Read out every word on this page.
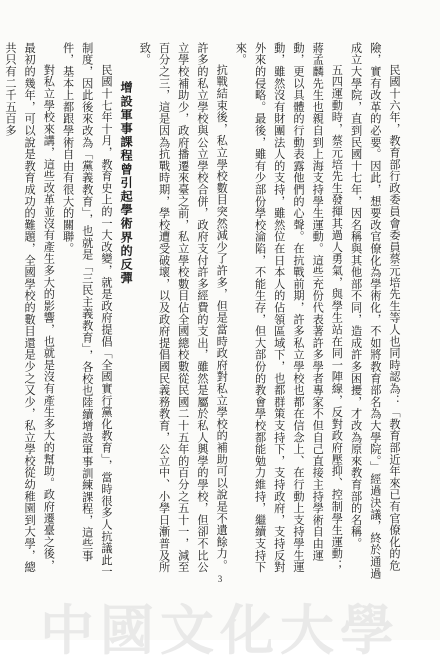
中國文化大學

民國十六年，教育部行政委員會委員蔡元培先生等人也同時認為：「教育部近年來已有官僚化的危險，實有改革的必要。因此，想要改官僚化為學術化，不如將教育部名為大學院。」經過決議，終於通過成立大學院，直到民國十七年，因名稱與其他部不同，造成許多困擾，才改為原來教育部的名稱。

五四運動時，蔡元培先生發揮其過人勇氣，與學生站在同一陣線，反對政府壓抑、控制學生運動；蔣孟麟先生也親自到上海支持學生運動。這些充份代表著許多學者專家不但自己直接主持學術自由運動，更以具體的行動表露他們的心聲。在抗戰前期，許多私立學校也都在信念上、在行動上支持學生運動，雖然沒有財團法人的支持，雖然位在日本人的佔領區域下，也都群策支持下，支持政府，支持反對外來的侵略。最後，雖有少部份學校淪陷，不能生存，但大部份的教會學校都能勉力維持，繼續支持下來。

抗戰結束後，私立學校數目突然減少了許多，但是當時政府對私立學校的補助可以說是不遺餘力。許多的私立學校與公立學校合併，政府支付許多經費的支出，雖然是屬於私人興學的學校，但卻不比公立學校補助少，政府播遷來臺之前，私立學校數目佔全國總校數從民國二十五年的百分之五十一，減至百分之三，這是因為抗戰時期，學校遭受破壞，以及政府提倡國民義務教育，公立中、小學日漸普及所致。

增設軍事課程曾引起學術界的反彈

民國十七年十月，教育史上的一大改變，就是政府提倡「全國實行黨化教育」，當時很多人抗議此一制度，因此後來改為「黨義教育」，也就是「三民主義教育」，各校也陸續增設軍事訓練課程，這些事件，基本上都跟學術自由有很大的關聯。

對私立學校來講，這些改革並沒有產生多大的影響，也就是沒有產生多大的幫助。政府遷臺之後，最初的幾年，可以說是教育成功的難題，全國學校的數目還是少之又少，私立學校從幼稚園到大學，總共只有二千五百多

3
